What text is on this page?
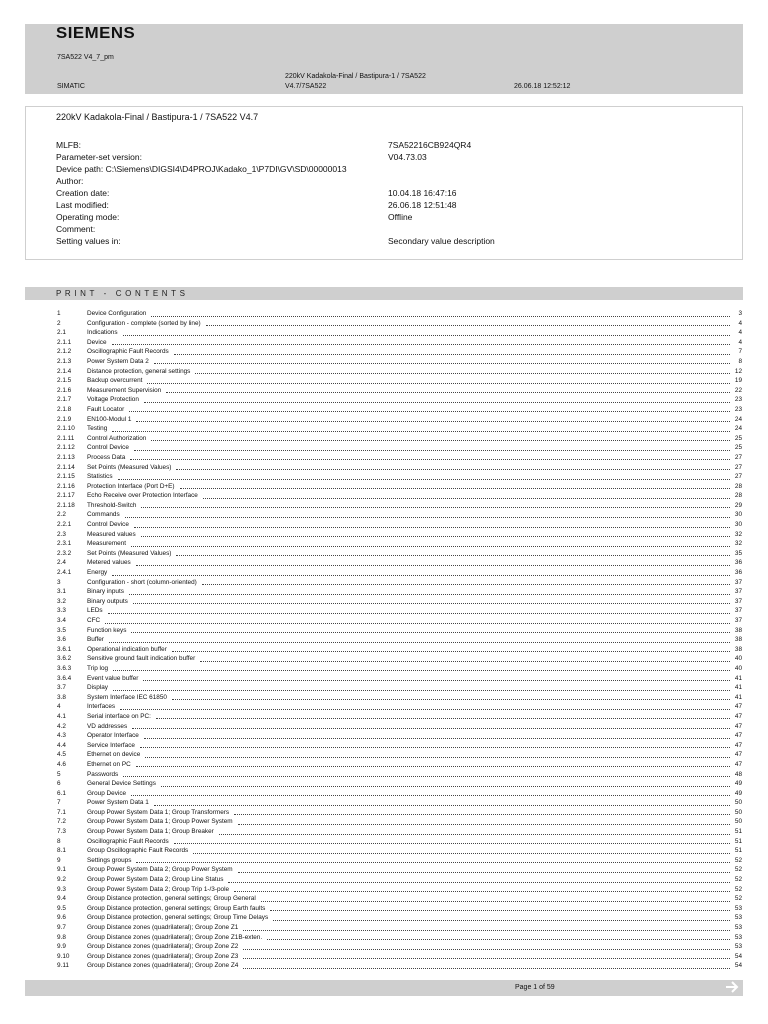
SIEMENS
7SA522 V4_7_pm
220kV Kadakola-Final / Bastipura-1 / 7SA522
SIMATIC	V4.7/7SA522	26.06.18 12:52:12
220kV Kadakola-Final / Bastipura-1 / 7SA522 V4.7
MLFB:	7SA52216CB924QR4
Parameter-set version:	V04.73.03
Device path: C:\Siemens\DIGSI4\D4PROJ\Kadako_1\P7DI\GV\SD\00000013
Author:
Creation date:	10.04.18 16:47:16
Last modified:	26.06.18 12:51:48
Operating mode:	Offline
Comment:
Setting values in:	Secondary value description
PRINT - CONTENTS
1	Device Configuration	3
2	Configuration - complete (sorted by line)	4
2.1	Indications	4
2.1.1 Device	4
2.1.2 Oscillographic Fault Records	7
2.1.3 Power System Data 2	8
2.1.4 Distance protection, general settings	12
2.1.5 Backup overcurrent	19
2.1.6 Measurement Supervision	22
2.1.7 Voltage Protection	23
2.1.8 Fault Locator	23
2.1.9 EN100-Modul 1	24
2.1.10 Testing	24
2.1.11 Control Authorization	25
2.1.12 Control Device	25
2.1.13 Process Data	27
2.1.14 Set Points (Measured Values)	27
2.1.15 Statistics	27
2.1.16 Protection Interface (Port D+E)	28
2.1.17 Echo Receive over Protection Interface	28
2.1.18 Threshold-Switch	29
2.2	Commands	30
2.2.1 Control Device	30
2.3	Measured values	32
2.3.1 Measurement	32
2.3.2 Set Points (Measured Values)	35
2.4	Metered values	36
2.4.1 Energy	36
3	Configuration - short (column-oriented)	37
3.1	Binary inputs	37
3.2	Binary outputs	37
3.3	LEDs	37
3.4	CFC	37
3.5	Function keys	38
3.6	Buffer	38
3.6.1 Operational indication buffer	38
3.6.2 Sensitive ground fault indication buffer	40
3.6.3 Trip log	40
3.6.4 Event value buffer	41
3.7	Display	41
3.8	System Interface IEC 61850	41
4	Interfaces	47
4.1	Serial interface on PC:	47
4.2	VD addresses	47
4.3	Operator Interface	47
4.4	Service Interface	47
4.5	Ethernet on device	47
4.6	Ethernet on PC	47
5	Passwords	48
6	General Device Settings	49
6.1	Group Device	49
7	Power System Data 1	50
7.1	Group Power System Data 1; Group Transformers	50
7.2	Group Power System Data 1; Group Power System	50
7.3	Group Power System Data 1; Group Breaker	51
8	Oscillographic Fault Records	51
8.1	Group Oscillographic Fault Records	51
9	Settings groups	52
9.1	Group Power System Data 2; Group Power System	52
9.2	Group Power System Data 2; Group Line Status	52
9.3	Group Power System Data 2; Group Trip 1-/3-pole	52
9.4	Group Distance protection, general settings; Group General	52
9.5	Group Distance protection, general settings; Group Earth faults	53
9.6	Group Distance protection, general settings; Group Time Delays	53
9.7	Group Distance zones (quadrilateral); Group Zone Z1	53
9.8	Group Distance zones (quadrilateral); Group Zone Z1B-exten.	53
9.9	Group Distance zones (quadrilateral); Group Zone Z2	53
9.10	Group Distance zones (quadrilateral); Group Zone Z3	54
9.11	Group Distance zones (quadrilateral); Group Zone Z4	54
Page 1 of 59
